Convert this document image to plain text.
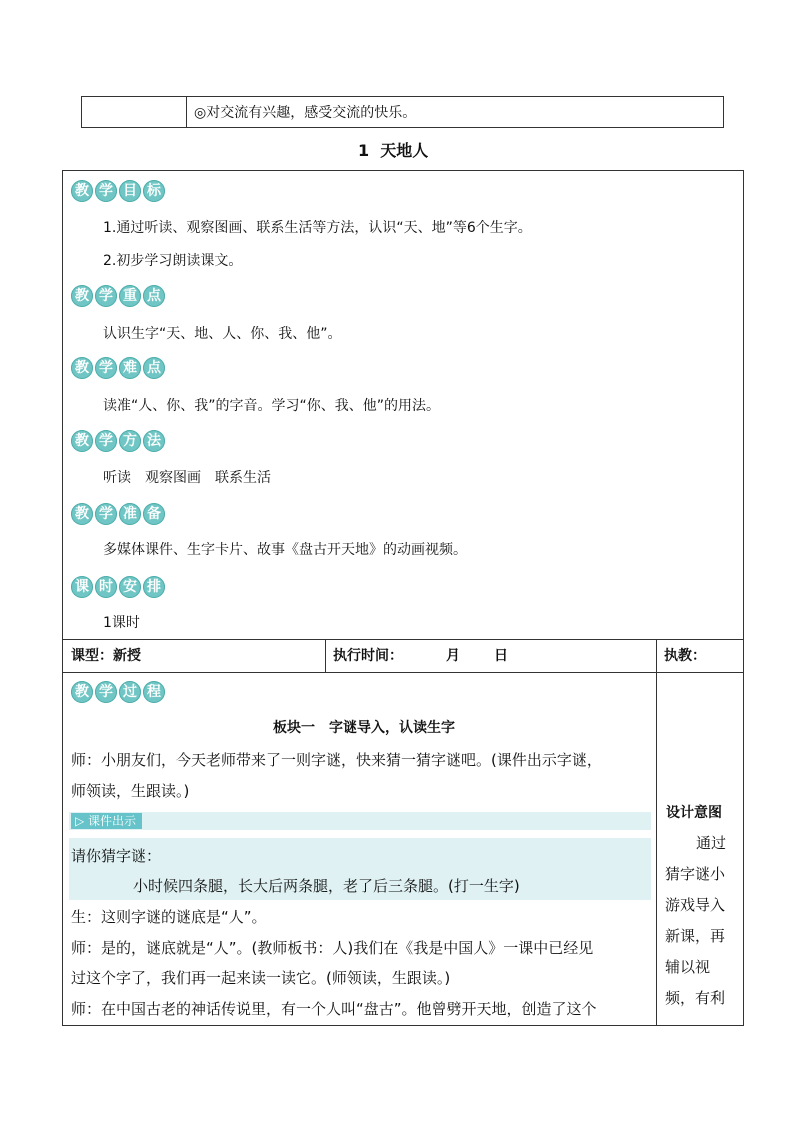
◎对交流有兴趣，感受交流的快乐。
1  天地人
教 学 目 标
1.通过听读、观察图画、联系生活等方法，认识“天、地”等6个生字。
2.初步学习朗读课文。
教 学 重 点
认识生字“天、地、人、你、我、他”。
教 学 难 点
读准“人、你、我”的字音。学习“你、我、他”的用法。
教 学 方 法
听读　观察图画　联系生活
教 学 准 备
多媒体课件、生字卡片、故事《盘古开天地》的动画视频。
课 时 安 排
1课时
课型：新授	执行时间：	月 日	执教：
教 学 过 程
板块一　字谜导入，认读生字
师：小朋友们，今天老师带来了一则字谜，快来猜一猜字谜吧。(课件出示字谜，
师领读，生跟读。)
▷ 课件出示
请你猜字谜：
小时候四条腿，长大后两条腿，老了后三条腿。(打一生字)
生：这则字谜的谜底是“人”。
师：是的，谜底就是“人”。(教师板书：人)我们在《我是中国人》一课中已经见
过这个字了，我们再一起来读一读它。(师领读，生跟读。)
师：在中国古老的神话传说里，有一个人叫“盘古”。他曾劈开天地，创造了这个
设计意图
通过
猜字谜小
游戏导入
新课，再
辅以视
频，有利
